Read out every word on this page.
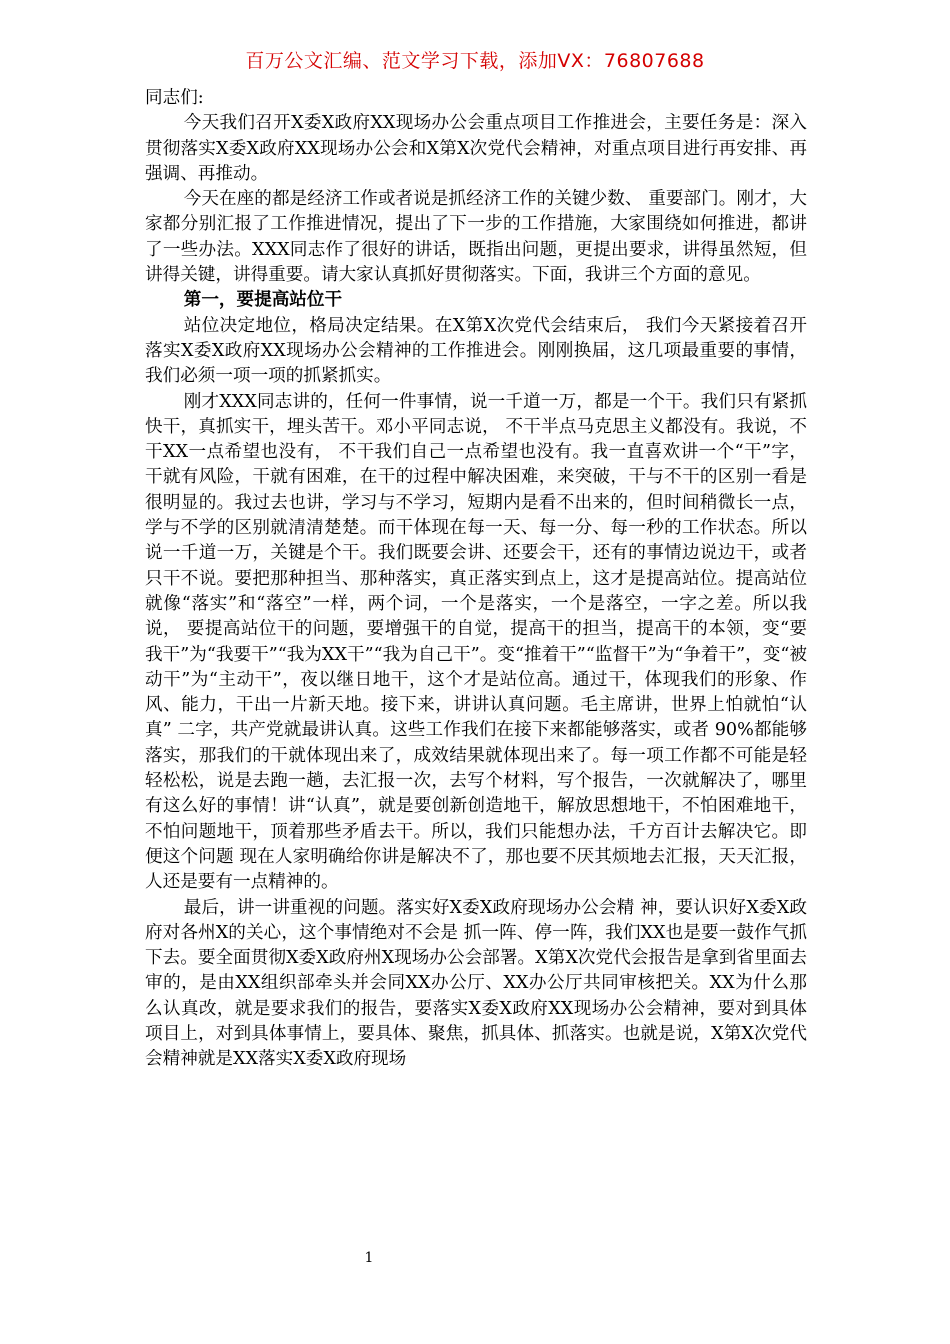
百万公文汇编、范文学习下载，添加VX：76807688

同志们:

今天我们召开X委X政府XX现场办公会重点项目工作推进会，主要任务是：深入贯彻落实X委X政府XX现场办公会和X第X次党代会精神，对重点项目进行再安排、再强调、再推动。

今天在座的都是经济工作或者说是抓经济工作的关键少数、 重要部门。刚才，大家都分别汇报了工作推进情况，提出了下一步的工作措施，大家围绕如何推进，都讲了一些办法。XXX同志作了很好的讲话，既指出问题，更提出要求，讲得虽然短，但讲得关键，讲得重要。请大家认真抓好贯彻落实。下面，我讲三个方面的意见。

第一，要提高站位干

站位决定地位，格局决定结果。在X第X次党代会结束后， 我们今天紧接着召开落实X委X政府XX现场办公会精神的工作推进会。刚刚换届，这几项最重要的事情，我们必须一项一项的抓紧抓实。

刚才XXX同志讲的，任何一件事情，说一千道一万，都是一个干。我们只有紧抓快干，真抓实干，埋头苦干。邓小平同志说， 不干半点马克思主义都没有。我说，不干XX一点希望也没有， 不干我们自己一点希望也没有。我一直喜欢讲一个“干”字，干就有风险，干就有困难，在干的过程中解决困难，来突破，干与不干的区别一看是很明显的。我过去也讲，学习与不学习，短期内是看不出来的，但时间稍微长一点，学与不学的区别就清清楚楚。而干体现在每一天、每一分、每一秒的工作状态。所以说一千道一万，关键是个干。我们既要会讲、还要会干，还有的事情边说边干，或者只干不说。要把那种担当、那种落实，真正落实到点上，这才是提高站位。提高站位就像“落实”和“落空”一样，两个词，一个是落实，一个是落空，一字之差。所以我说， 要提高站位干的问题，要增强干的自觉，提高干的担当，提高干的本领，变“要我干”为“我要干”“我为XX干”“我为自己干”。变“推着干”“监督干”为“争着干”，变“被动干”为“主动干”，夜以继日地干，这个才是站位高。通过干，体现我们的形象、作风、能力，干出一片新天地。接下来，讲讲认真问题。毛主席讲，世界上怕就怕“认真” 二字，共产党就最讲认真。这些工作我们在接下来都能够落实，或者 90%都能够落实，那我们的干就体现出来了，成效结果就体现出来了。每一项工作都不可能是轻轻松松，说是去跑一趟，去汇报一次，去写个材料，写个报告，一次就解决了，哪里有这么好的事情！讲“认真”，就是要创新创造地干，解放思想地干，不怕困难地干，不怕问题地干，顶着那些矛盾去干。所以，我们只能想办法，千方百计去解决它。即便这个问题 现在人家明确给你讲是解决不了，那也要不厌其烦地去汇报，天天汇报，人还是要有一点精神的。

最后，讲一讲重视的问题。落实好X委X政府现场办公会精 神，要认识好X委X政府对各州X的关心，这个事情绝对不会是 抓一阵、停一阵，我们XX也是要一鼓作气抓下去。要全面贯彻X委X政府州X现场办公会部署。X第X次党代会报告是拿到省里面去审的，是由XX组织部牵头并会同XX办公厅、XX办公厅共同审核把关。XX为什么那么认真改，就是要求我们的报告，要落实X委X政府XX现场办公会精神，要对到具体项目上，对到具体事情上，要具体、聚焦，抓具体、抓落实。也就是说，X第X次党代会精神就是XX落实X委X政府现场

1
